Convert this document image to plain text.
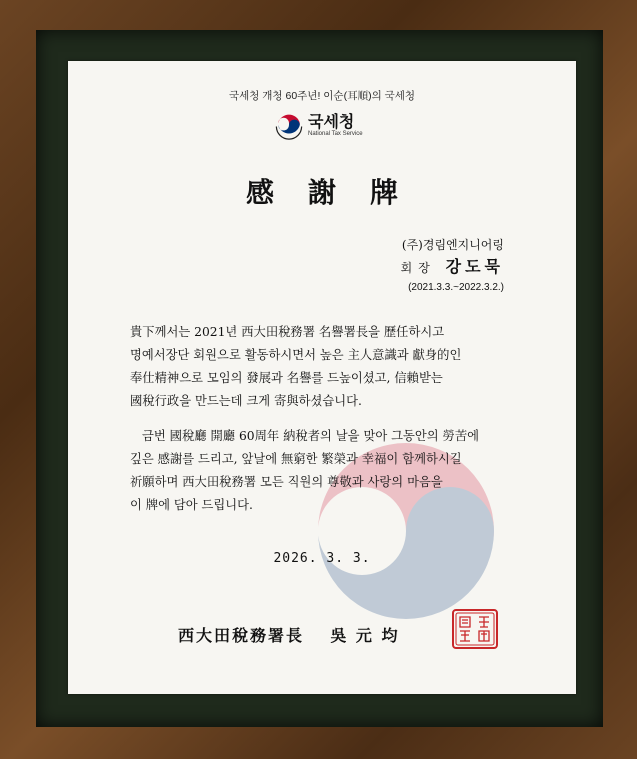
국세청 개청 60주년! 이순(耳順)의 국세청
국세청
National Tax Service
感謝牌
(주)경림엔지니어링
회장 강도묵
(2021.3.3.~2022.3.2.)

貴下께서는 2021년 西大田稅務署 名譽署長을 歷任하시고
명예서장단 회원으로 활동하시면서 높은 主人意識과 獻身的인
奉仕精神으로 모임의 發展과 名譽를 드높이셨고, 信賴받는
國稅行政을 만드는데 크게 寄與하셨습니다.

금번 國稅廳 開廳 60周年 納稅者의 날을 맞아 그동안의 勞苦에
깊은 感謝를 드리고, 앞날에 無窮한 繁榮과 幸福이 함께하시길
祈願하며 西大田稅務署 모든 직원의 尊敬과 사랑의 마음을
이 牌에 담아 드립니다.

2026. 3. 3.
西大田稅務署長 吳 元 均
